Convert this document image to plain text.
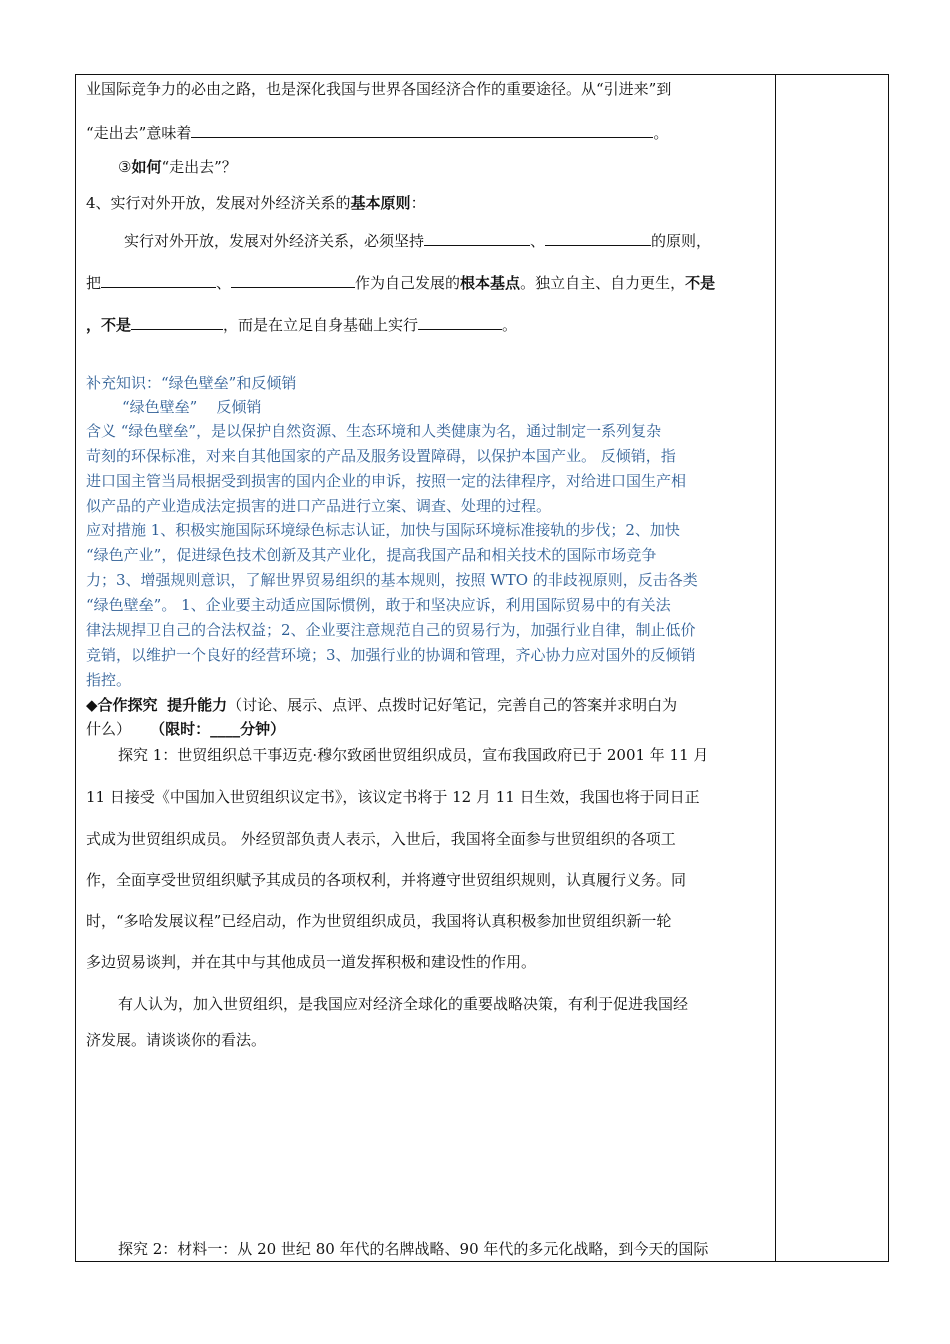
业国际竞争力的必由之路，也是深化我国与世界各国经济合作的重要途径。从“引进来”到
“走出去”意味着	。
③如何“走出去”？
4、实行对外开放，发展对外经济关系的基本原则：
实行对外开放，发展对外经济关系，必须坚持	、	的原则，
把	、	作为自己发展的根本基点。独立自主、自力更生，不是
，不是	，而是在立足自身基础上实行	。
补充知识：“绿色壁垒”和反倾销
“绿色壁垒”    反倾销
含义 “绿色壁垒”，是以保护自然资源、生态环境和人类健康为名，通过制定一系列复杂
苛刻的环保标准，对来自其他国家的产品及服务设置障碍，以保护本国产业。 反倾销，指
进口国主管当局根据受到损害的国内企业的申诉，按照一定的法律程序，对给进口国生产相
似产品的产业造成法定损害的进口产品进行立案、调查、处理的过程。
应对措施 1、积极实施国际环境绿色标志认证，加快与国际环境标准接轨的步伐；2、加快
“绿色产业”，促进绿色技术创新及其产业化，提高我国产品和相关技术的国际市场竞争
力；3、增强规则意识，了解世界贸易组织的基本规则，按照 WTO 的非歧视原则，反击各类
“绿色壁垒”。 1、企业要主动适应国际惯例，敢于和坚决应诉，利用国际贸易中的有关法
律法规捍卫自己的合法权益；2、企业要注意规范自己的贸易行为，加强行业自律，制止低价
竞销，以维护一个良好的经营环境；3、加强行业的协调和管理，齐心协力应对国外的反倾销
指控。
◆合作探究 提升能力（讨论、展示、点评、点拨时记好笔记，完善自己的答案并求明白为
什么） （限时：____分钟）
探究 1：世贸组织总干事迈克·穆尔致函世贸组织成员，宣布我国政府已于 2001 年 11 月
11 日接受《中国加入世贸组织议定书》，该议定书将于 12 月 11 日生效，我国也将于同日正
式成为世贸组织成员。 外经贸部负责人表示，入世后，我国将全面参与世贸组织的各项工
作，全面享受世贸组织赋予其成员的各项权利，并将遵守世贸组织规则，认真履行义务。同
时，“多哈发展议程”已经启动，作为世贸组织成员，我国将认真积极参加世贸组织新一轮
多边贸易谈判，并在其中与其他成员一道发挥积极和建设性的作用。
有人认为，加入世贸组织，是我国应对经济全球化的重要战略决策，有利于促进我国经
济发展。请谈谈你的看法。
探究 2：材料一：从 20 世纪 80 年代的名牌战略、90 年代的多元化战略，到今天的国际
